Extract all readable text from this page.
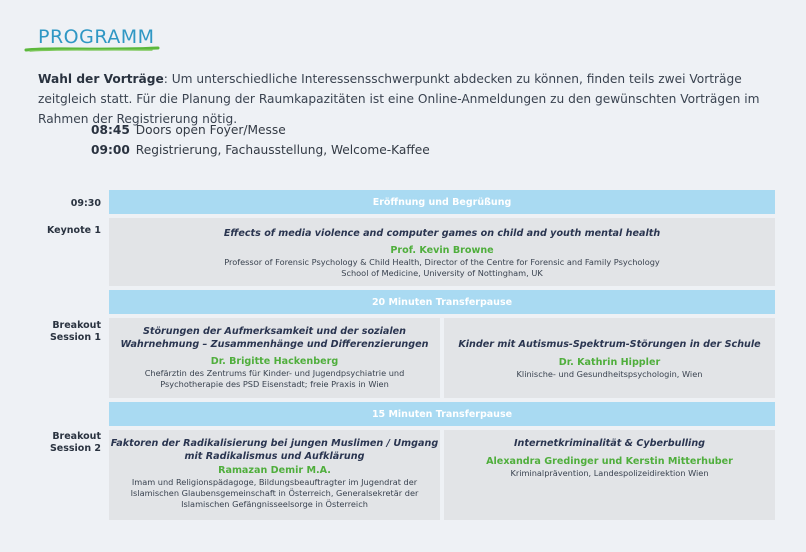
PROGRAMM
Wahl der Vorträge: Um unterschiedliche Interessensschwerpunkt abdecken zu können, finden teils zwei Vorträge zeitgleich statt. Für die Planung der Raumkapazitäten ist eine Online-Anmeldungen zu den gewünschten Vorträgen im Rahmen der Registrierung nötig.
08:45 Doors open Foyer/Messe
09:00 Registrierung, Fachausstellung, Welcome-Kaffee
09:30	Eröffnung und Begrüßung
Keynote 1	Effects of media violence and computer games on child and youth mental health
Prof. Kevin Browne
Professor of Forensic Psychology & Child Health, Director of the Centre for Forensic and Family Psychology
School of Medicine, University of Nottingham, UK
20 Minuten Transferpause
Breakout
Session 1
Störungen der Aufmerksamkeit und der sozialen
Wahrnehmung – Zusammenhänge und Differenzierungen
Dr. Brigitte Hackenberg
Chefärztin des Zentrums für Kinder- und Jugendpsychiatrie und
Psychotherapie des PSD Eisenstadt; freie Praxis in Wien
Kinder mit Autismus-Spektrum-Störungen in der Schule
Dr. Kathrin Hippler
Klinische- und Gesundheitspsychologin, Wien
15 Minuten Transferpause
Breakout
Session 2 Faktoren der Radikalisierung bei jungen Muslimen / Umgang
mit Radikalismus und Aufklärung
Ramazan Demir M.A.
Imam und Religionspädagoge, Bildungsbeauftragter im Jugendrat der
Islamischen Glaubensgemeinschaft in Österreich, Generalsekretär der
Islamischen Gefängnisseelsorge in Österreich
Internetkriminalität & Cyberbulling
Alexandra Gredinger und Kerstin Mitterhuber
Kriminalprävention, Landespolizeidirektion Wien
